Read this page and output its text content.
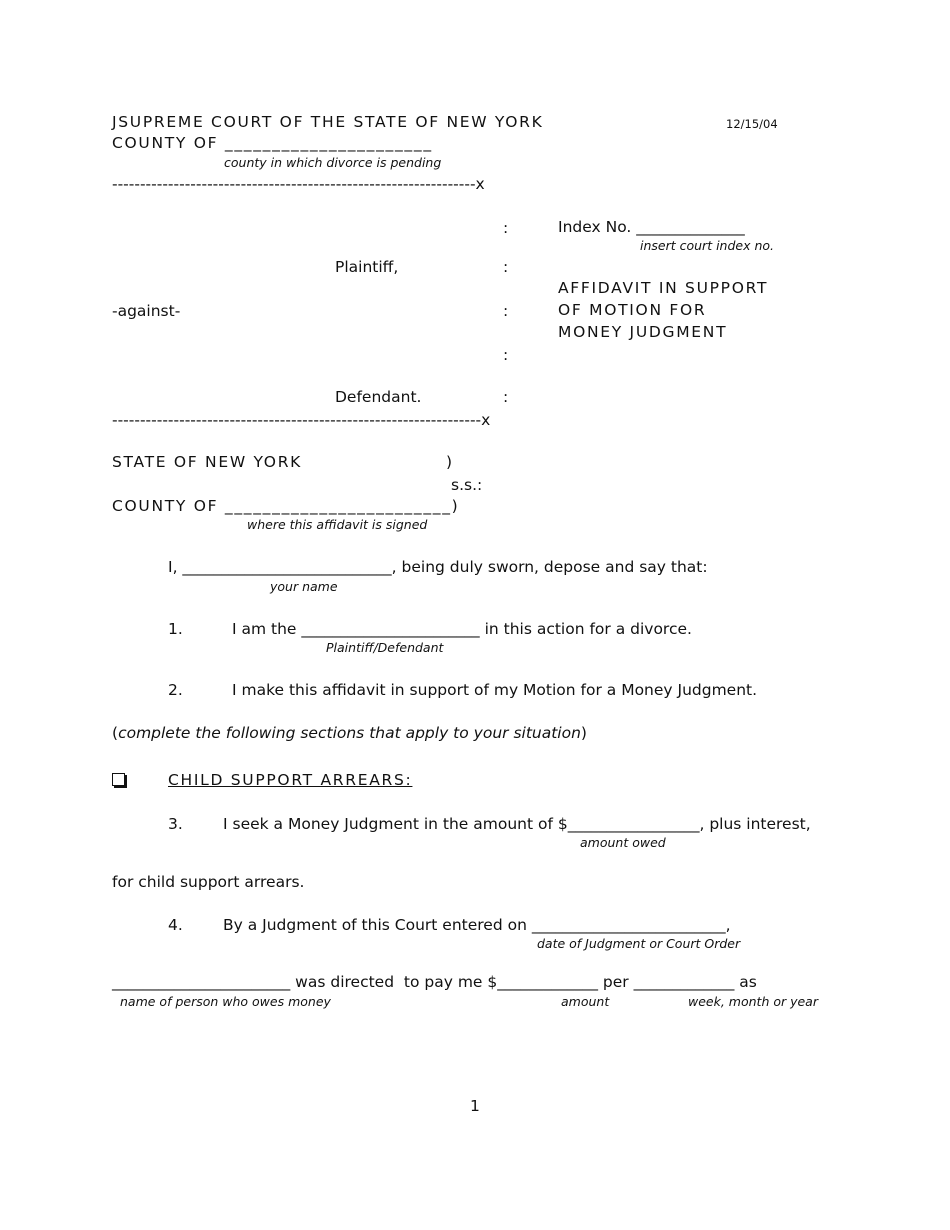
JSUPREME COURT OF THE STATE OF NEW YORK	12/15/04
COUNTY OF ______________________
county in which divorce is pending
-----------------------------------------------------------------x
:	Index No. ______________
insert court index no.
Plaintiff,	:
AFFIDAVIT IN SUPPORT
-against-	:	OF MOTION FOR
MONEY JUDGMENT
:
Defendant.	:
------------------------------------------------------------------x
STATE OF NEW YORK	)
s.s.:
COUNTY OF ________________________)
where this affidavit is signed
I, ___________________________, being duly sworn, depose and say that:
your name
1.	I am the _______________________ in this action for a divorce.
Plaintiff/Defendant
2.	I make this affidavit in support of my Motion for a Money Judgment.
(complete the following sections that apply to your situation)
CHILD SUPPORT ARREARS:
3.	I seek a Money Judgment in the amount of $_________________, plus interest,
amount owed
for child support arrears.
4.	By a Judgment of this Court entered on _________________________,
date of Judgment or Court Order
_______________________ was directed  to pay me $_____________ per _____________ as
name of person who owes money	amount	week, month or year
1
